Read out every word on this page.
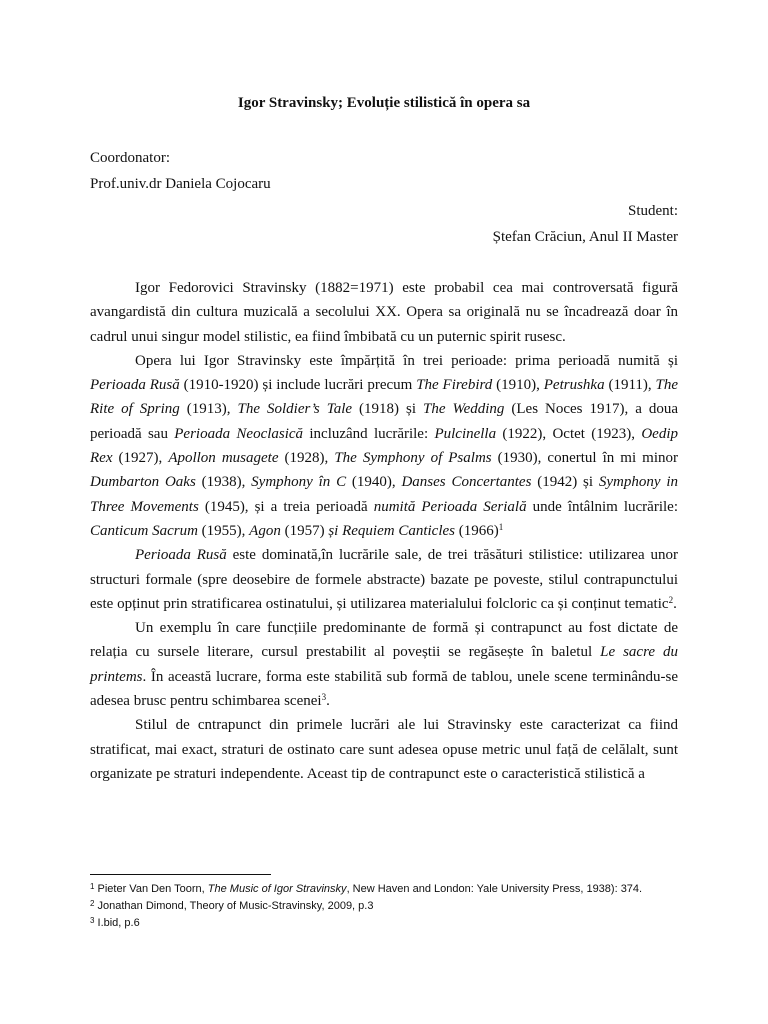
Igor Stravinsky; Evoluție stilistică în opera sa
Coordonator:
Prof.univ.dr Daniela Cojocaru
Student:
Ștefan Crăciun, Anul II Master

Igor Fedorovici Stravinsky (1882=1971) este probabil cea mai controversată figură avangardistă din cultura muzicală a secolului XX. Opera sa originală nu se încadrează doar în cadrul unui singur model stilistic, ea fiind îmbibată cu un puternic spirit rusesc.

Opera lui Igor Stravinsky este împărțită în trei perioade: prima perioadă numită și Perioada Rusă (1910-1920) și include lucrări precum The Firebird (1910), Petrushka (1911), The Rite of Spring (1913), The Soldier’s Tale (1918) și The Wedding (Les Noces 1917), a doua perioadă sau Perioada Neoclasică incluzând lucrările: Pulcinella (1922), Octet (1923), Oedip Rex (1927), Apollon musagete (1928), The Symphony of Psalms (1930), conertul în mi minor Dumbarton Oaks (1938), Symphony în C (1940), Danses Concertantes (1942) și Symphony in Three Movements (1945), și a treia perioadă numită Perioada Serială unde întâlnim lucrările: Canticum Sacrum (1955), Agon (1957) și Requiem Canticles $(1966)^1$

Perioada Rusă este dominată,în lucrările sale, de trei trăsături stilistice: utilizarea unor structuri formale (spre deosebire de formele abstracte) bazate pe poveste, stilul contrapunctului este opținut prin stratificarea ostinatului, și utilizarea materialului folcloric ca și conținut tematic$^2$.

Un exemplu în care funcțiile predominante de formă și contrapunct au fost dictate de relația cu sursele literare, cursul prestabilit al poveștii se regăsește în baletul Le sacre du printems. În această lucrare, forma este stabilită sub formă de tablou, unele scene terminându-se adesea brusc pentru schimbarea scenei$^3$.

Stilul de cntrapunct din primele lucrări ale lui Stravinsky este caracterizat ca fiind stratificat, mai exact, straturi de ostinato care sunt adesea opuse metric unul față de celălalt, sunt organizate pe straturi independente. Aceast tip de contrapunct este o caracteristică stilistică a

$^1$ Pieter Van Den Toorn, The Music of Igor Stravinsky, New Haven and London: Yale University Press, 1938): 374.
$^2$ Jonathan Dimond, Theory of Music-Stravinsky, 2009, p.3
$^3$ I.bid, p.6
